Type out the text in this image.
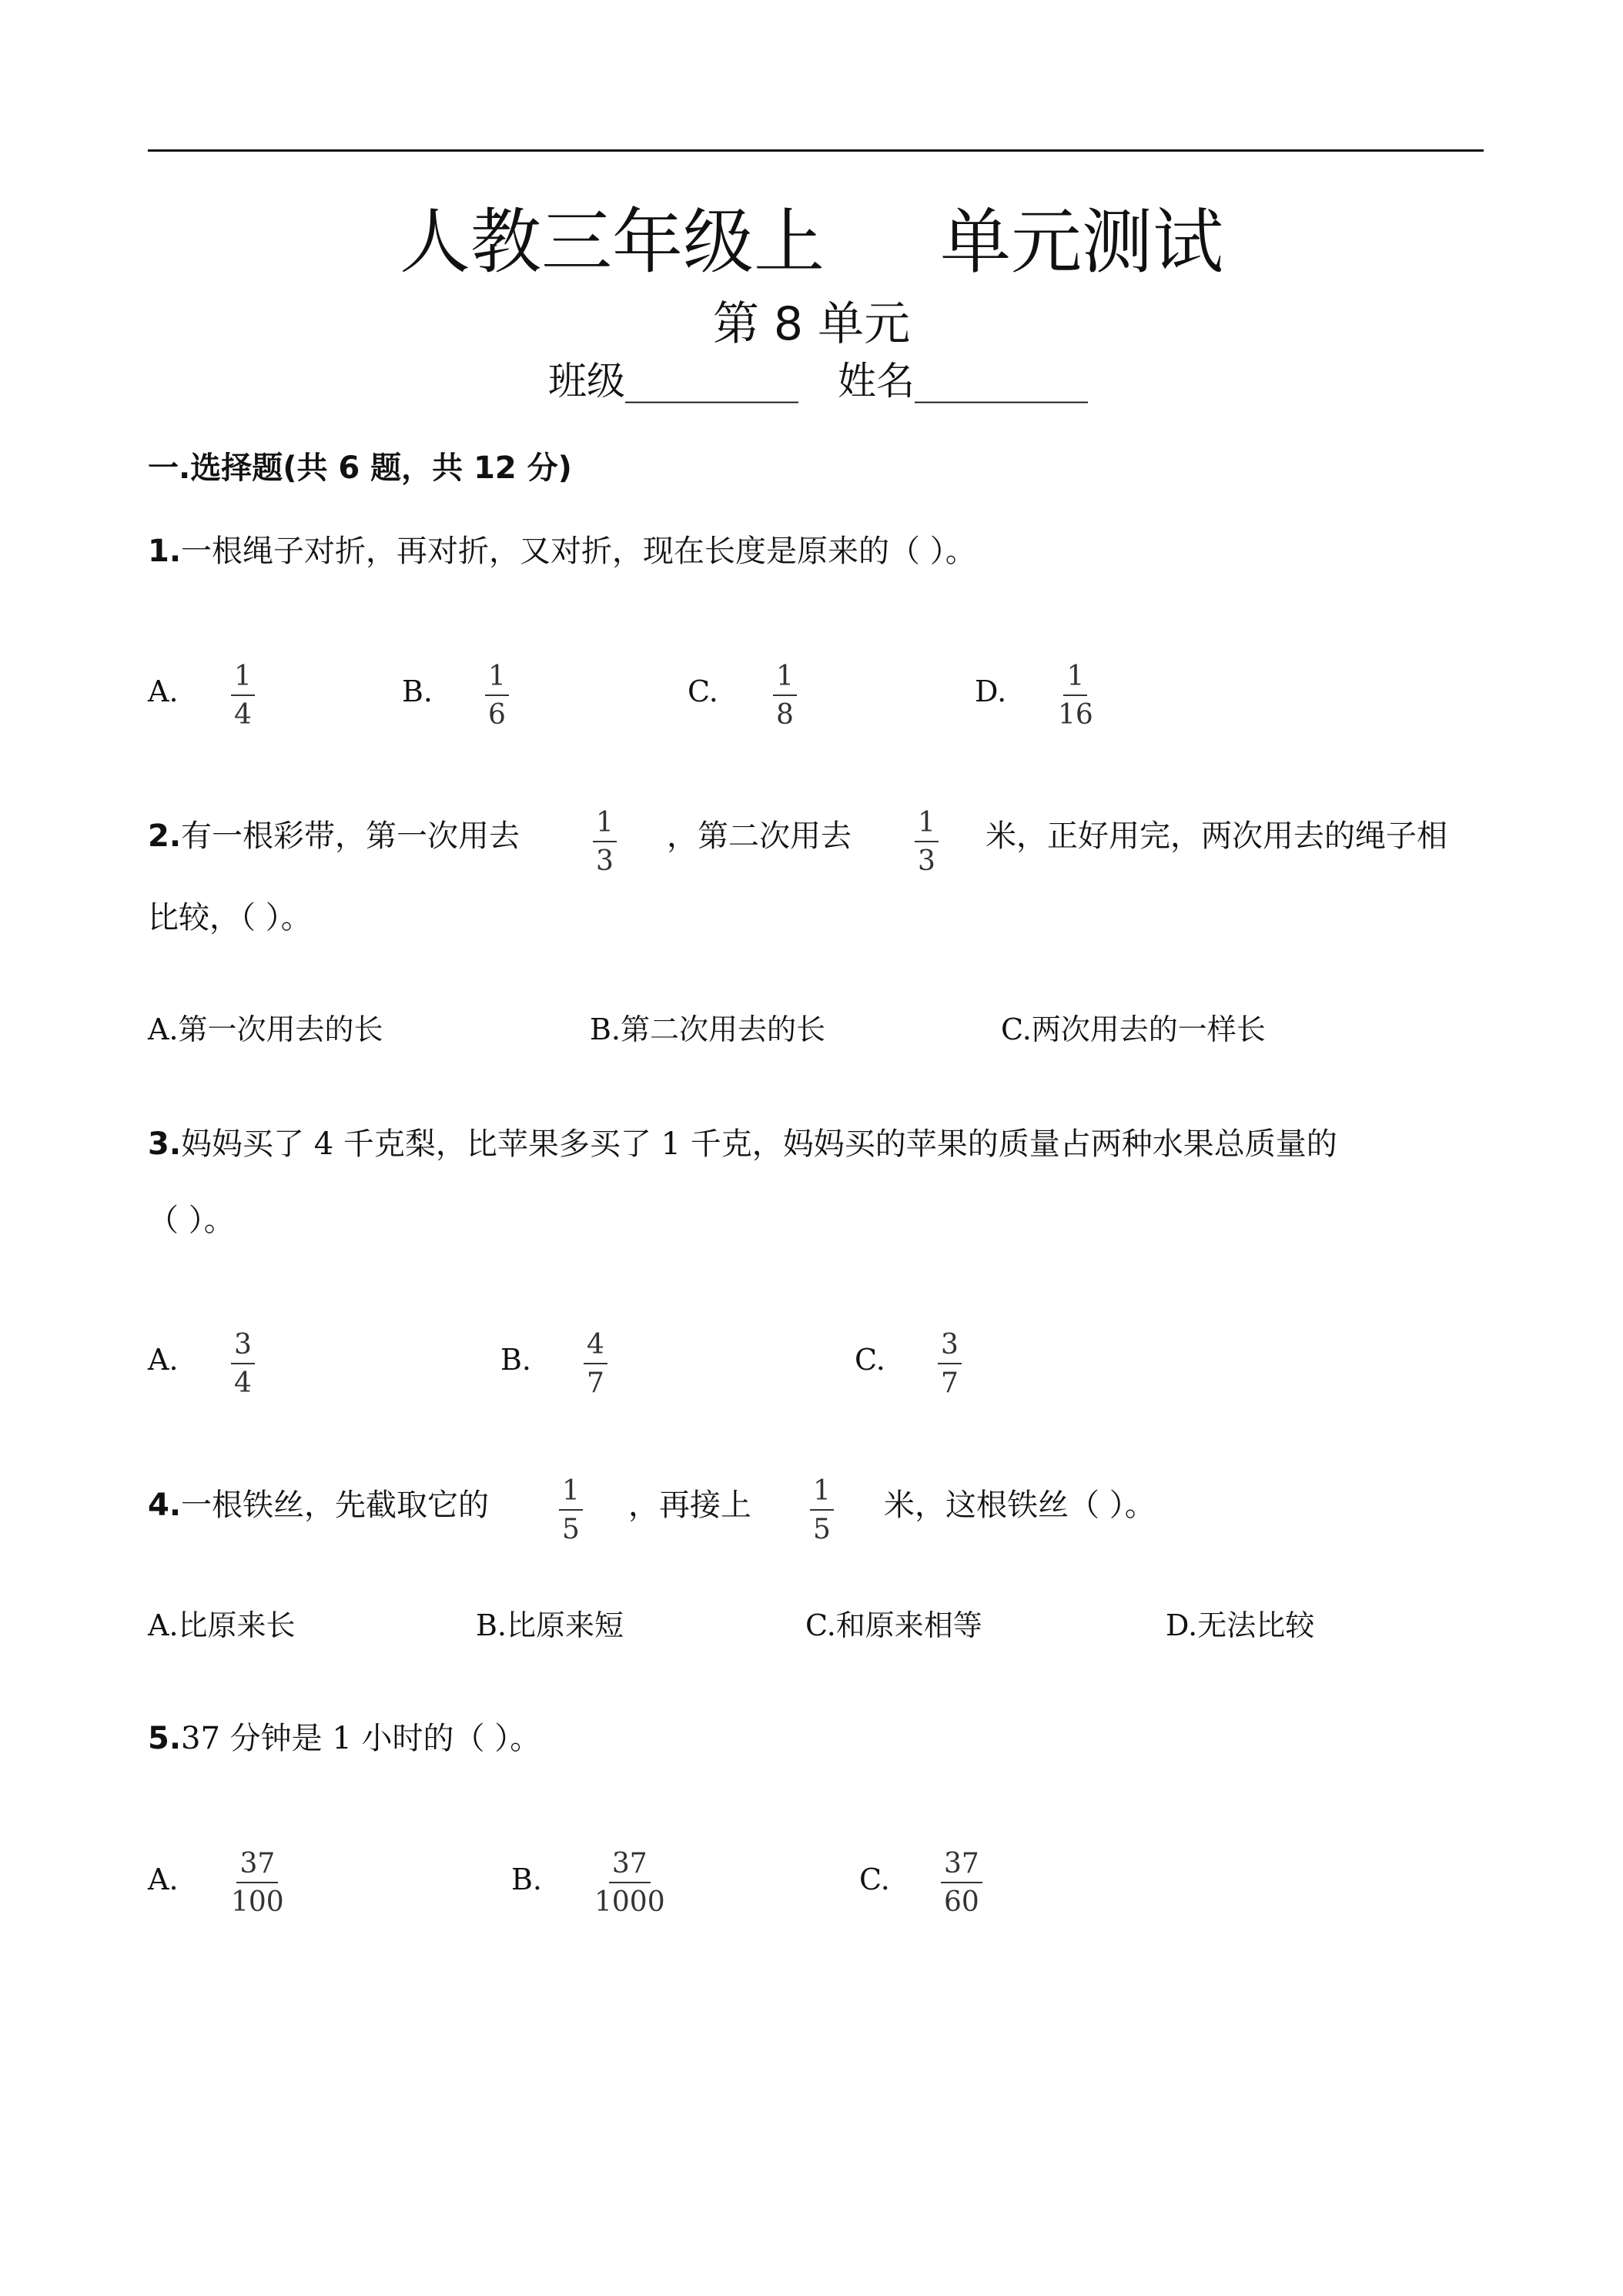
人教三年级上 单元测试
第 8 单元
班级_________ 姓名_________
一.选择题(共 6 题，共 12 分)
1.一根绳子对折，再对折，又对折，现在长度是原来的（ ）。
A. $\frac{1}{4}$	B. $\frac{1}{6}$	C. $\frac{1}{8}$	D. $\frac{1}{16}$
2.有一根彩带，第一次用去	$\frac{1}{3}$ ，第二次用去 $\frac{1}{3}$ 米，正好用完，两次用去的绳子相
比较，（ ）。
A.第一次用去的长	B.第二次用去的长	C.两次用去的一样长
3.妈妈买了 4 千克梨，比苹果多买了 1 千克，妈妈买的苹果的质量占两种水果总质量的
（ ）。
A. $\frac{3}{4}$	B. $\frac{4}{7}$	C. $\frac{3}{7}$
4.一根铁丝，先截取它的	$\frac{1}{5}$ ，再接上 $\frac{1}{5}$ 米，这根铁丝（ ）。
A.比原来长	B.比原来短	C.和原来相等	D.无法比较
5.37 分钟是 1 小时的（ ）。
A. $\frac{37}{100}$	B. $\frac{37}{1000}$	C. $\frac{37}{60}$
